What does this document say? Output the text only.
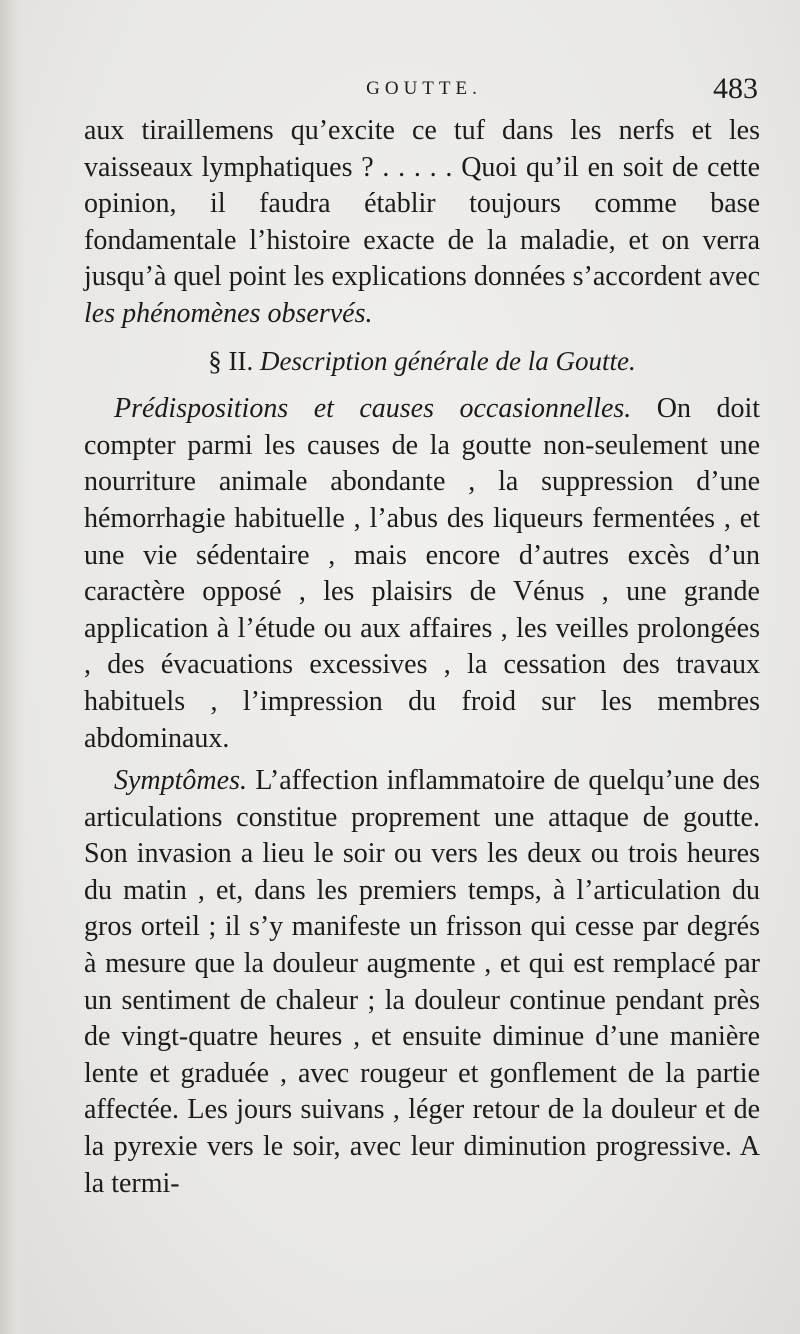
GOUTTE.	483

aux tiraillemens qu’excite ce tuf dans les nerfs et les vaisseaux lymphatiques ? . . . . . Quoi qu’il en soit de cette opinion, il faudra établir toujours comme base fondamentale l’histoire exacte de la maladie, et on verra jusqu’à quel point les explications données s’accordent avec les phénomènes observés.

§ II. Description générale de la Goutte.

Prédispositions et causes occasionnelles. On doit compter parmi les causes de la goutte non-seulement une nourriture animale abondante , la suppression d’une hémorrhagie habituelle , l’abus des liqueurs fermentées , et une vie sédentaire , mais encore d’autres excès d’un caractère opposé , les plaisirs de Vénus , une grande application à l’étude ou aux affaires , les veilles prolongées , des évacuations excessives , la cessation des travaux habituels , l’impression du froid sur les membres abdominaux.

Symptômes. L’affection inflammatoire de quelqu’une des articulations constitue proprement une attaque de goutte. Son invasion a lieu le soir ou vers les deux ou trois heures du matin , et, dans les premiers temps, à l’articulation du gros orteil ; il s’y manifeste un frisson qui cesse par degrés à mesure que la douleur augmente , et qui est remplacé par un sentiment de chaleur ; la douleur continue pendant près de vingt-quatre heures , et ensuite diminue d’une manière lente et graduée , avec rougeur et gonflement de la partie affectée. Les jours suivans , léger retour de la douleur et de la pyrexie vers le soir, avec leur diminution progressive. A la termi-
